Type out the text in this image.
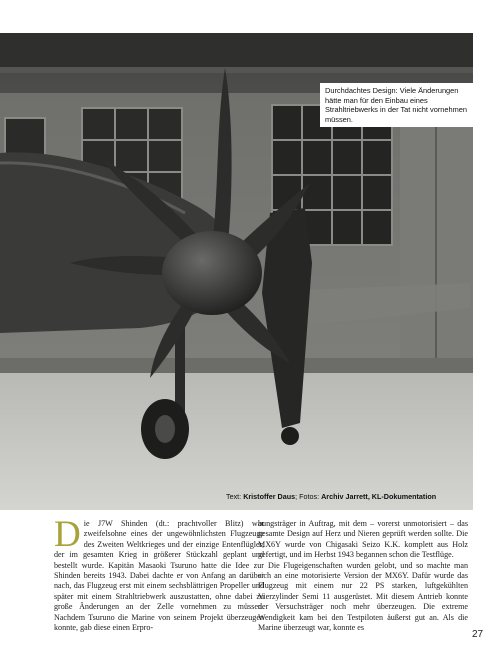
Durchdachtes Design: Viele Änderungen hätte man für den Einbau eines Strahltriebwerks in der Tat nicht vornehmen müssen.
Text: Kristoffer Daus; Fotos: Archiv Jarrett, KL-Dokumentation
D ie J7W Shinden (dt.: prachtvoller Blitz) war zweifelsohne eines der ungewöhnlichsten Flugzeuge des Zweiten Weltkrieges und der einzige Entenflügler, der im gesamten Krieg in größerer Stückzahl geplant und bestellt wurde. Kapitän Masaoki Tsuruno hatte die Idee zur Shinden bereits 1943. Dabei dachte er von Anfang an darüber nach, das Flugzeug erst mit einem sechsblättrigen Propeller und später mit einem Strahltriebwerk auszustatten, ohne dabei zu große Änderungen an der Zelle vornehmen zu müssen. Nachdem Tsuruno die Marine von seinem Projekt überzeugen konnte, gab diese einen Erpro-
bungsträger in Auftrag, mit dem – vorerst unmotorisiert – das gesamte Design auf Herz und Nieren geprüft werden sollte. Die MX6Y wurde von Chigasaki Seizo K.K. komplett aus Holz gefertigt, und im Herbst 1943 begannen schon die Testflüge.
Die Flugeigenschaften wurden gelobt, und so machte man sich an eine motorisierte Version der MX6Y. Dafür wurde das Flugzeug mit einem nur 22 PS starken, luftgekühlten Vierzylinder Semi 11 ausgerüstet. Mit diesem Antrieb konnte der Versuchsträger noch mehr überzeugen. Die extreme Wendigkeit kam bei den Testpiloten äußerst gut an. Als die Marine überzeugt war, konnte es
27
